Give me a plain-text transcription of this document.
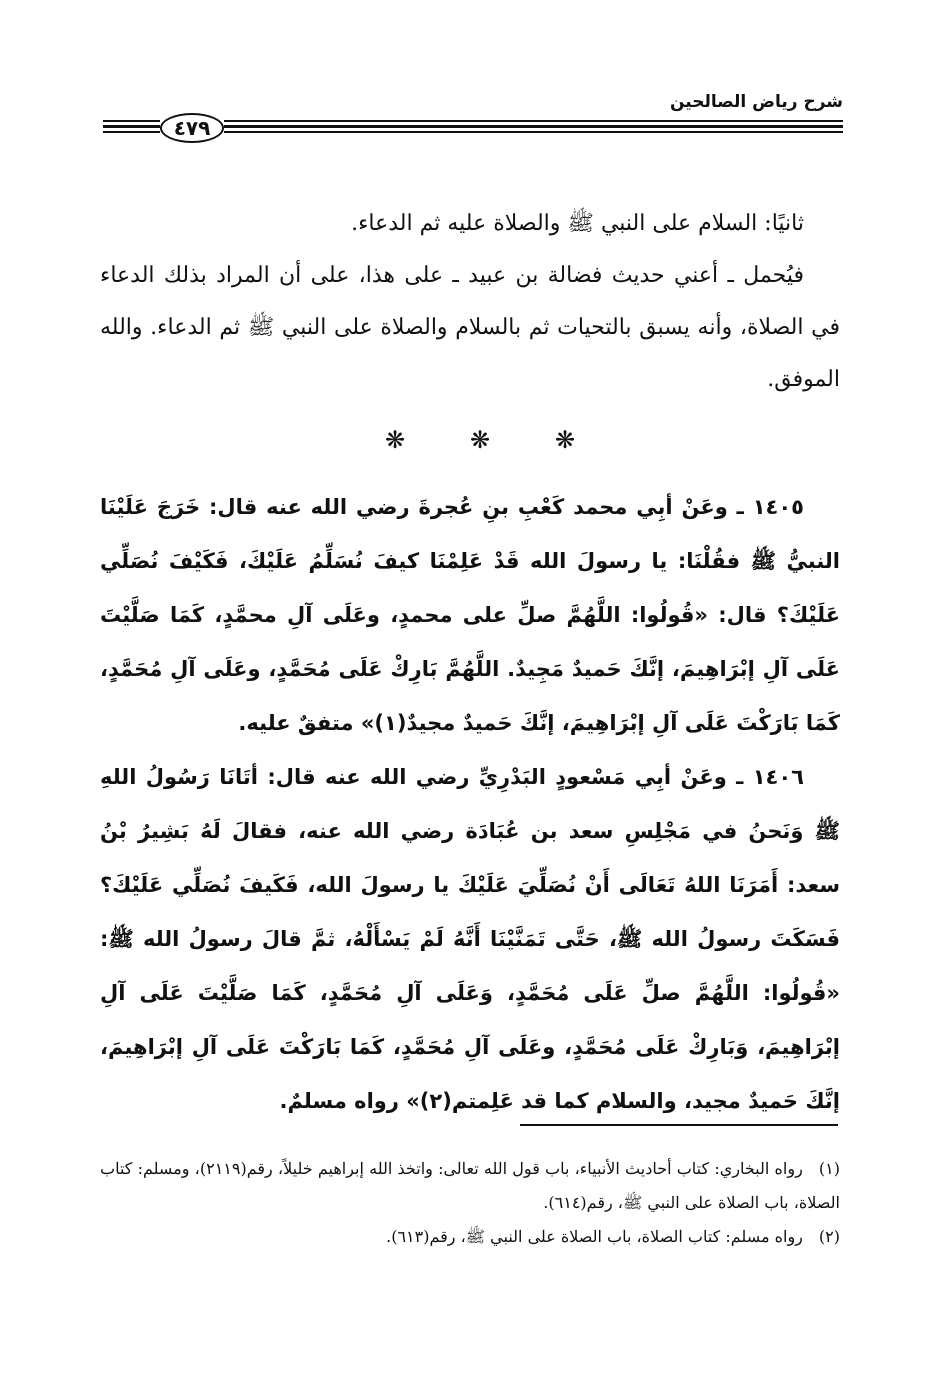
شرح رياض الصالحين
٤٧٩

ثانيًا: السلام على النبي ﷺ والصلاة عليه ثم الدعاء.

فيُحمل ـ أعني حديث فضالة بن عبيد ـ على هذا، على أن المراد بذلك الدعاء في الصلاة، وأنه يسبق بالتحيات ثم بالسلام والصلاة على النبي ﷺ ثم الدعاء. والله الموفق.

❋	❋	❋

١٤٠٥ ـ وعَنْ أبِي محمد كَعْبِ بنِ عُجرةَ رضي الله عنه قال: خَرَجَ عَلَيْنَا النبيُّ ﷺ فقُلْنَا: يا رسولَ الله قَدْ عَلِمْنَا كيفَ نُسَلِّمُ عَلَيْكَ، فَكَيْفَ نُصَلِّي عَلَيْكَ؟ قال: «قُولُوا: اللَّهُمَّ صلِّ على محمدٍ، وعَلَى آلِ محمَّدٍ، كَمَا صَلَّيْتَ عَلَى آلِ إبْرَاهِيمَ، إنَّكَ حَميدٌ مَجِيدٌ. اللَّهُمَّ بَارِكْ عَلَى مُحَمَّدٍ، وعَلَى آلِ مُحَمَّدٍ، كَمَا بَارَكْتَ عَلَى آلِ إبْرَاهِيمَ، إنَّكَ حَميدٌ مجيدٌ(١)» متفقٌ عليه.

١٤٠٦ ـ وعَنْ أبِي مَسْعودٍ البَدْرِيِّ رضي الله عنه قال: أتَانَا رَسُولُ اللهِ ﷺ وَنَحنُ في مَجْلِسِ سعد بن عُبَادَة رضي الله عنه، فقالَ لَهُ بَشِيرُ بْنُ سعد: أَمَرَنَا اللهُ تَعَالَى أَنْ نُصَلِّيَ عَلَيْكَ يا رسولَ الله، فَكَيفَ نُصَلِّي عَلَيْكَ؟ فَسَكَتَ رسولُ الله ﷺ، حَتَّى تَمَنَّيْنَا أَنَّهُ لَمْ يَسْأَلْهُ، ثمَّ قالَ رسولُ الله ﷺ: «قُولُوا: اللَّهُمَّ صلِّ عَلَى مُحَمَّدٍ، وَعَلَى آلِ مُحَمَّدٍ، كَمَا صَلَّيْتَ عَلَى آلِ إبْرَاهِيمَ، وَبَارِكْ عَلَى مُحَمَّدٍ، وعَلَى آلِ مُحَمَّدٍ، كَمَا بَارَكْتَ عَلَى آلِ إبْرَاهِيمَ، إنَّكَ حَميدٌ مجيد، والسلام كما قد عَلِمتم(٢)» رواه مسلمٌ.

(١) رواه البخاري: كتاب أحاديث الأنبياء، باب قول الله تعالى: واتخذ الله إبراهيم خليلاً، رقم(٢١١٩)، ومسلم: كتاب الصلاة، باب الصلاة على النبي ﷺ، رقم(٦١٤).

(٢) رواه مسلم: كتاب الصلاة، باب الصلاة على النبي ﷺ، رقم(٦١٣).
